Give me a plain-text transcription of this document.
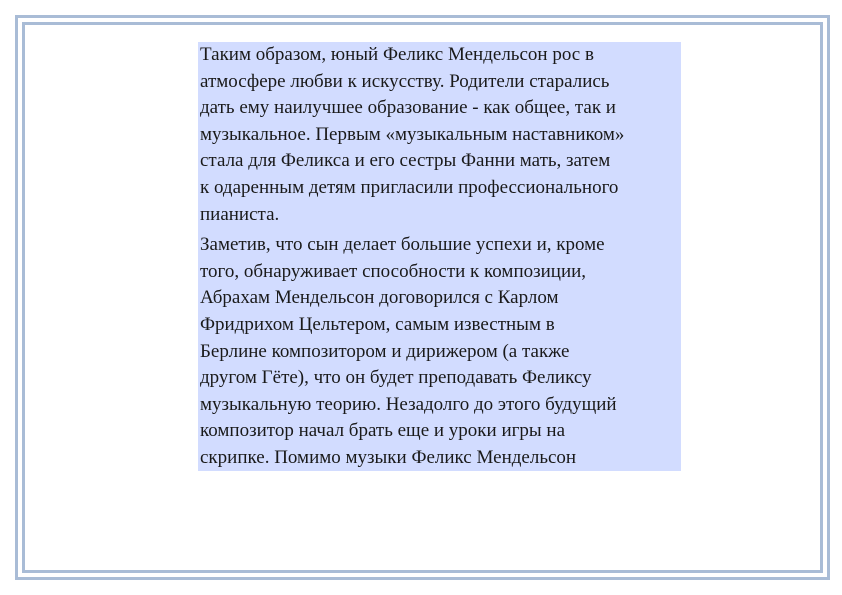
Таким образом, юный Феликс Мендельсон рос в
атмосфере любви к искусству. Родители старались
дать ему наилучшее образование - как общее, так и
музыкальное. Первым «музыкальным наставником»
стала для Феликса и его сестры Фанни мать, затем
к одаренным детям пригласили профессионального
пианиста.

Заметив, что сын делает большие успехи и, кроме
того, обнаруживает способности к композиции,
Абрахам Мендельсон договорился с Карлом
Фридрихом Цельтером, самым известным в
Берлине композитором и дирижером (а также
другом Гёте), что он будет преподавать Феликсу
музыкальную теорию. Незадолго до этого будущий
композитор начал брать еще и уроки игры на
скрипке. Помимо музыки Феликс Мендельсон
